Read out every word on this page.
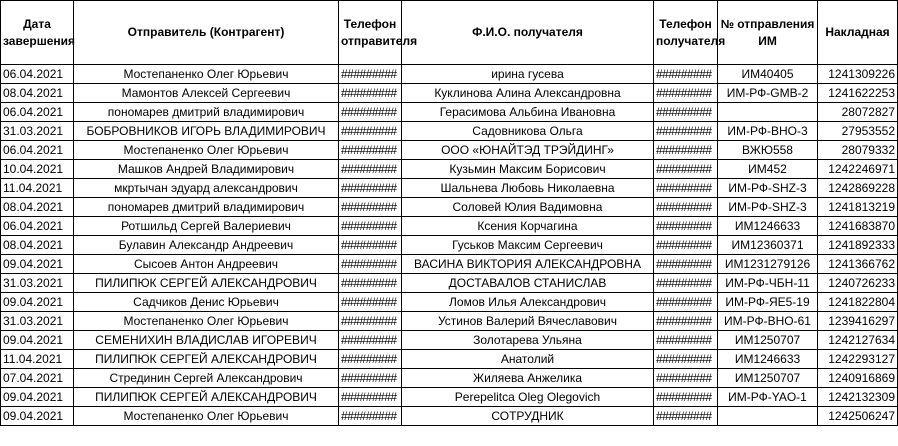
Дата завершения	Отправитель (Контрагент)	Телефон отправителя	Ф.И.О. получателя	Телефон получателя	№ отправления ИМ	Накладная
06.04.2021	Мостепаненко Олег Юрьевич	#########	ирина гусева	#########	ИМ40405	1241309226
08.04.2021	Мамонтов Алексей Сергеевич	#########	Куклинова Алина Александровна	#########	ИМ-РФ-GMB-2	1241622253
06.04.2021	пономарев дмитрий владимирович	#########	Герасимова Альбина Ивановна	#########		28072827
31.03.2021	БОБРОВНИКОВ ИГОРЬ ВЛАДИМИРОВИЧ	#########	Садовникова Ольга	#########	ИМ-РФ-ВНО-3	27953552
06.04.2021	Мостепаненко Олег Юрьевич	#########	ООО «ЮНАЙТЭД ТРЭЙДИНГ»	#########	ВЖЮ558	28079332
10.04.2021	Машков Андрей Владимирович	#########	Кузьмин Максим Борисович	#########	ИМ452	1242246971
11.04.2021	мкртычан эдуард александрович	#########	Шальнева Любовь Николаевна	#########	ИМ-РФ-SHZ-3	1242869228
08.04.2021	пономарев дмитрий владимирович	#########	Соловей Юлия Вадимовна	#########	ИМ-РФ-SHZ-3	1241813219
06.04.2021	Ротшильд Сергей Валериевич	#########	Ксения Корчагина	#########	ИМ1246633	1241683870
08.04.2021	Булавин Александр Андреевич	#########	Гуськов Максим Сергеевич	#########	ИМ12360371	1241892333
09.04.2021	Сысоев Антон Андреевич	#########	ВАСИНА ВИКТОРИЯ АЛЕКСАНДРОВНА	#########	ИМ1231279126	1241366762
31.03.2021	ПИЛИПЮК СЕРГЕЙ АЛЕКСАНДРОВИЧ	#########	ДОСТАВАЛОВ СТАНИСЛАВ	#########	ИМ-РФ-ЧБН-11	1240726233
09.04.2021	Садчиков Денис Юрьевич	#########	Ломов Илья Александрович	#########	ИМ-РФ-ЯЕ5-19	1241822804
31.03.2021	Мостепаненко Олег Юрьевич	#########	Устинов Валерий Вячеславович	#########	ИМ-РФ-ВНО-61	1239416297
09.04.2021	СЕМЕНИХИН ВЛАДИСЛАВ ИГОРЕВИЧ	#########	Золотарева Ульяна	#########	ИМ1250707	1242127634
11.04.2021	ПИЛИПЮК СЕРГЕЙ АЛЕКСАНДРОВИЧ	#########	Анатолий	#########	ИМ1246633	1242293127
07.04.2021	Стрединин Сергей Александрович	#########	Жиляева Анжелика	#########	ИМ1250707	1240916869
09.04.2021	ПИЛИПЮК СЕРГЕЙ АЛЕКСАНДРОВИЧ	#########	Perepelitca Oleg Olegovich	#########	ИМ-РФ-YAO-1	1242132309
09.04.2021	Мостепаненко Олег Юрьевич	#########	СОТРУДНИК	#########		1242506247
